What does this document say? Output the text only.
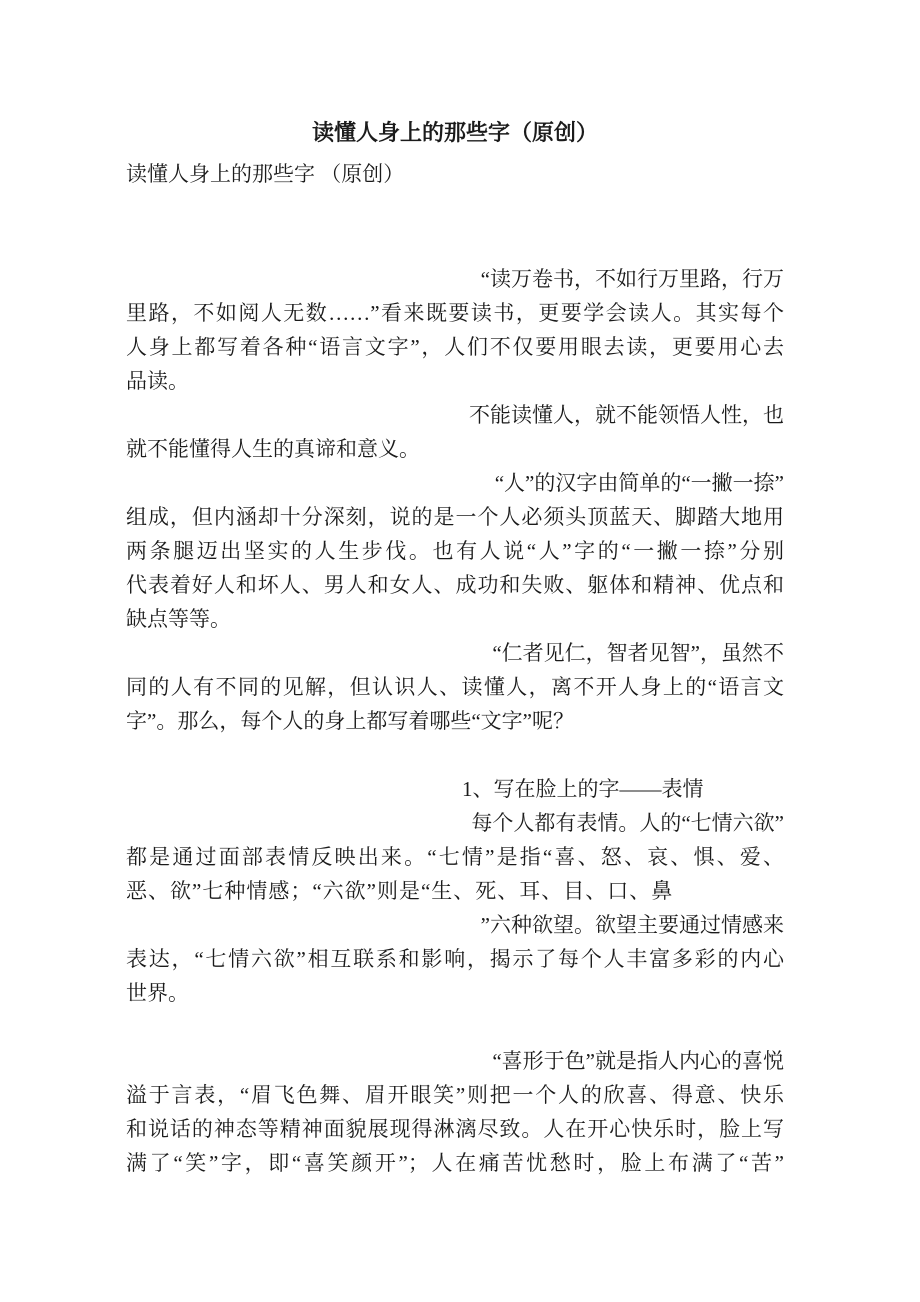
读懂人身上的那些字（原创）
读懂人身上的那些字 （原创）
“读万卷书，不如行万里路，行万
里路，不如阅人无数……”看来既要读书，更要学会读人。其实每个
人身上都写着各种“语言文字”，人们不仅要用眼去读，更要用心去
品读。
不能读懂人，就不能领悟人性，也
就不能懂得人生的真谛和意义。
“人”的汉字由简单的“一撇一捺”
组成，但内涵却十分深刻，说的是一个人必须头顶蓝天、脚踏大地用
两条腿迈出坚实的人生步伐。也有人说“人”字的“一撇一捺”分别
代表着好人和坏人、男人和女人、成功和失败、躯体和精神、优点和
缺点等等。
“仁者见仁，智者见智”，虽然不
同的人有不同的见解，但认识人、读懂人，离不开人身上的“语言文
字”。那么，每个人的身上都写着哪些“文字”呢？

1、写在脸上的字——表情
每个人都有表情。人的“七情六欲”
都是通过面部表情反映出来。“七情”是指“喜、怒、哀、惧、爱、
恶、欲”七种情感；“六欲”则是“生、死、耳、目、口、鼻
”六种欲望。欲望主要通过情感来
表达，“七情六欲”相互联系和影响，揭示了每个人丰富多彩的内心
世界。

“喜形于色”就是指人内心的喜悦
溢于言表，“眉飞色舞、眉开眼笑”则把一个人的欣喜、得意、快乐
和说话的神态等精神面貌展现得淋漓尽致。人在开心快乐时，脸上写
满了“笑”字，即“喜笑颜开”；人在痛苦忧愁时，脸上布满了“苦”
